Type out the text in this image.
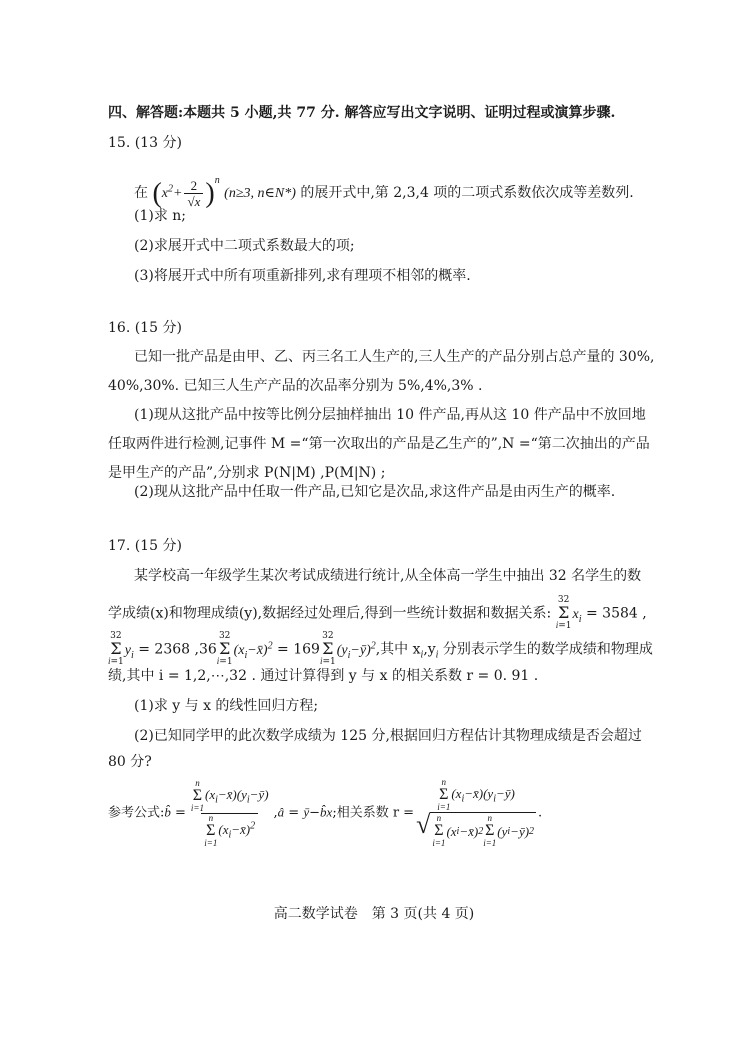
四、解答题:本题共 5 小题,共 77 分. 解答应写出文字说明、证明过程或演算步骤.
15. (13 分)
在 $(x^2+ \frac{2}{√x} )^n$ (n≥3, n∈N*) 的展开式中,第 2,3,4 项的二项式系数依次成等差数列.
(1)求 n;
(2)求展开式中二项式系数最大的项;
(3)将展开式中所有项重新排列,求有理项不相邻的概率.
16. (15 分)
已知一批产品是由甲、乙、丙三名工人生产的,三人生产的产品分别占总产量的 30%,
40%,30%. 已知三人生产产品的次品率分别为 5%,4%,3% .
(1)现从这批产品中按等比例分层抽样抽出 10 件产品,再从这 10 件产品中不放回地
任取两件进行检测,记事件 M =“第一次取出的产品是乙生产的”,N =“第二次抽出的产品
是甲生产的产品”,分别求 P(N|M) ,P(M|N) ;
(2)现从这批产品中任取一件产品,已知它是次品,求这件产品是由丙生产的概率.
17. (15 分)
某学校高一年级学生某次考试成绩进行统计,从全体高一学生中抽出 32 名学生的数
学成绩(x)和物理成绩(y),数据经过处理后,得到一些统计数据和数据关系:
32
Σ
i=1
$x_i = 3584$ ,
32
Σ
i=1
$y_i = 2368$ ,36
32
Σ
i=1
$(x_i-x̄)^2 = 169$
32
Σ
i=1
$(y_i-ȳ)^2$,其中 $x_i,y_i$ 分别表示学生的数学成绩和物理成
绩,其中 i = 1,2,⋯,32 . 通过计算得到 y 与 x 的相关系数 r = 0. 91 .
(1)求 y 与 x 的线性回归方程;
(2)已知同学甲的此次数学成绩为 125 分,根据回归方程估计其物理成绩是否会超过
80 分?
参考公式:b̂ = n
Σ
i=1
$(x_i-x̄)(y_i-ȳ)$
n
Σ
i=1
$(x_i-x̄)^2$ ,â = ȳ−b̂x;相关系数 r =
n
Σ
i=1
$(x_i-x̄)(y_i-ȳ)$
√ n
Σ
i=1
(x i −x̄) 2
n
Σ
i=1
(y i −ȳ) 2
.
高二数学试卷　第 3 页(共 4 页)
